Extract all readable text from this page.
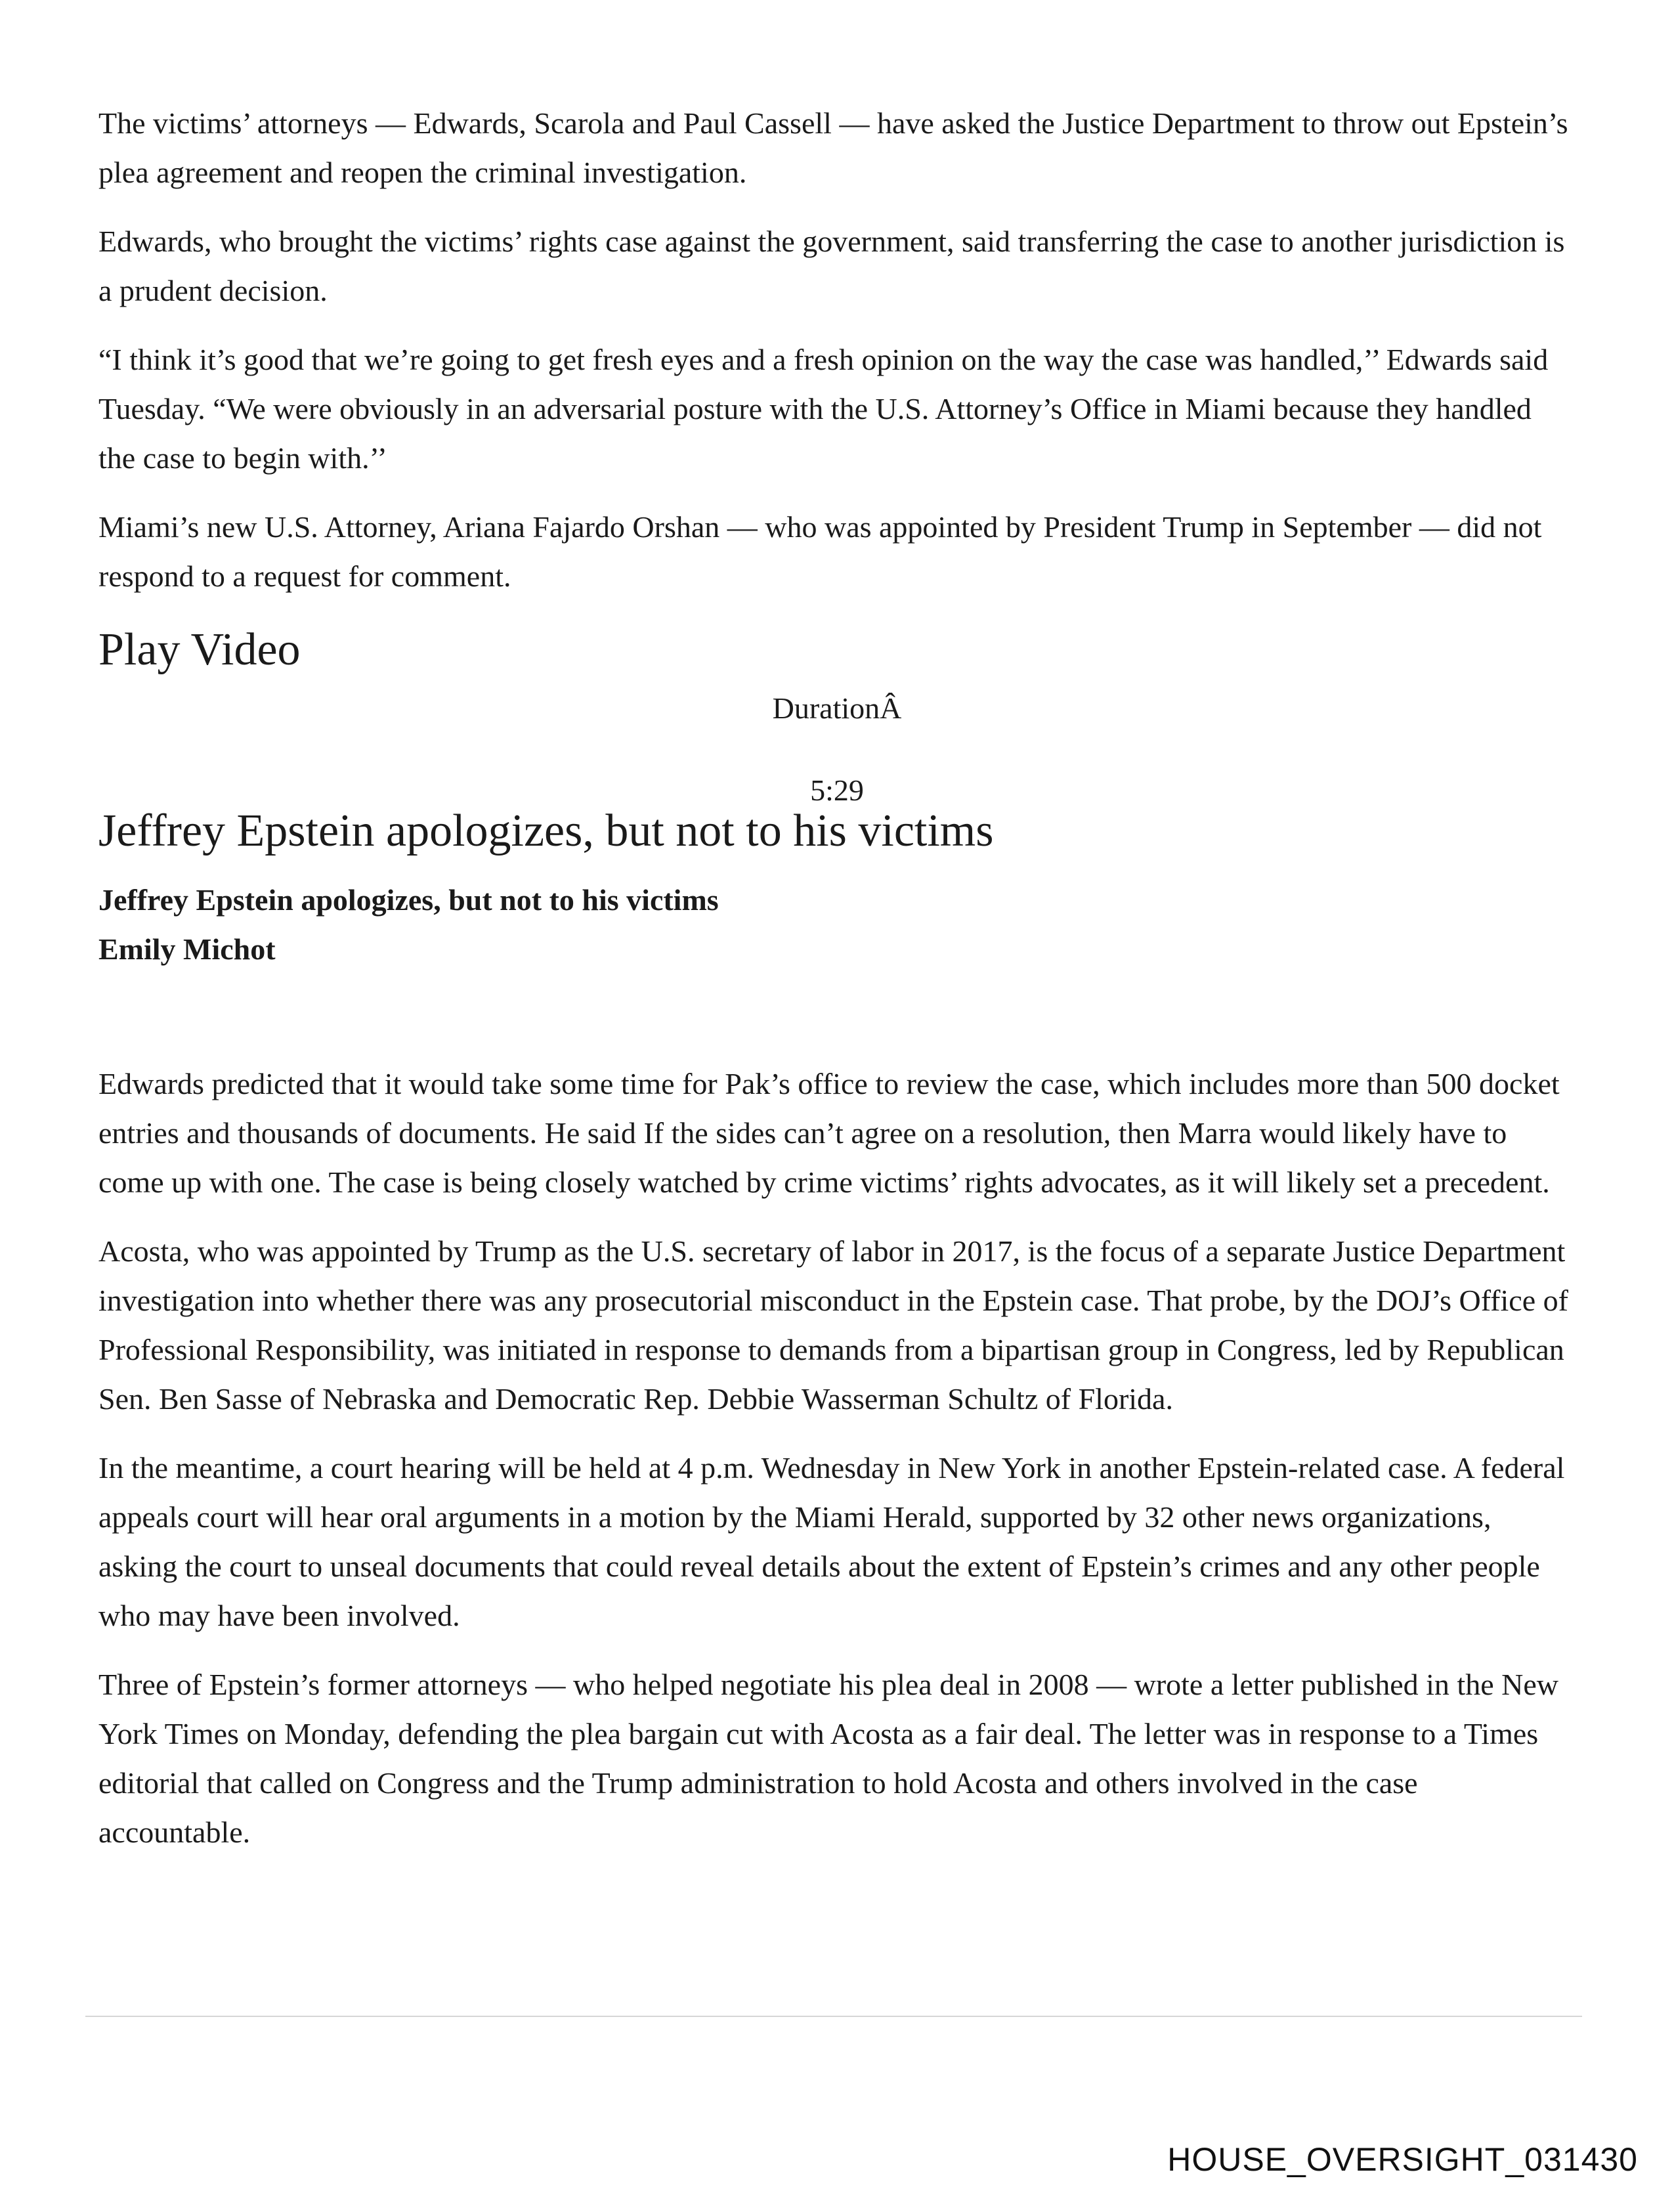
The victims’ attorneys — Edwards, Scarola and Paul Cassell — have asked the Justice Department to throw out Epstein’s plea agreement and reopen the criminal investigation.

Edwards, who brought the victims’ rights case against the government, said transferring the case to another jurisdiction is a prudent decision.

“I think it’s good that we’re going to get fresh eyes and a fresh opinion on the way the case was handled,’’ Edwards said Tuesday. “We were obviously in an adversarial posture with the U.S. Attorney’s Office in Miami because they handled the case to begin with.’’

Miami’s new U.S. Attorney, Ariana Fajardo Orshan — who was appointed by President Trump in September — did not respond to a request for comment.

Play Video
DurationÂ
5:29
Jeffrey Epstein apologizes, but not to his victims
Jeffrey Epstein apologizes, but not to his victims
Emily Michot

Edwards predicted that it would take some time for Pak’s office to review the case, which includes more than 500 docket entries and thousands of documents. He said If the sides can’t agree on a resolution, then Marra would likely have to come up with one. The case is being closely watched by crime victims’ rights advocates, as it will likely set a precedent.

Acosta, who was appointed by Trump as the U.S. secretary of labor in 2017, is the focus of a separate Justice Department investigation into whether there was any prosecutorial misconduct in the Epstein case. That probe, by the DOJ’s Office of Professional Responsibility, was initiated in response to demands from a bipartisan group in Congress, led by Republican Sen. Ben Sasse of Nebraska and Democratic Rep. Debbie Wasserman Schultz of Florida.

In the meantime, a court hearing will be held at 4 p.m. Wednesday in New York in another Epstein-related case. A federal appeals court will hear oral arguments in a motion by the Miami Herald, supported by 32 other news organizations, asking the court to unseal documents that could reveal details about the extent of Epstein’s crimes and any other people who may have been involved.

Three of Epstein’s former attorneys — who helped negotiate his plea deal in 2008 — wrote a letter published in the New York Times on Monday, defending the plea bargain cut with Acosta as a fair deal. The letter was in response to a Times editorial that called on Congress and the Trump administration to hold Acosta and others involved in the case accountable.

HOUSE_OVERSIGHT_031430
